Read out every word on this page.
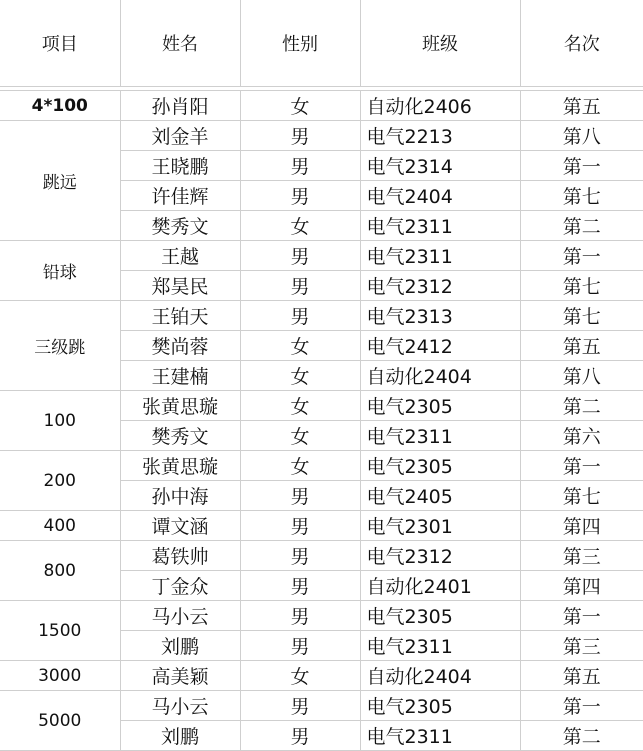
项目	姓名	性别	班级	名次

4*100	孙肖阳	女	自动化2406	第五
跳远	刘金羊	男	电气2213	第八
	王晓鹏	男	电气2314	第一
	许佳辉	男	电气2404	第七
	樊秀文	女	电气2311	第二
铅球	王越	男	电气2311	第一
	郑昊民	男	电气2312	第七
三级跳	王铂天	男	电气2313	第七
	樊尚蓉	女	电气2412	第五
	王建楠	女	自动化2404	第八
100	张黄思璇	女	电气2305	第二
	樊秀文	女	电气2311	第六
200	张黄思璇	女	电气2305	第一
	孙中海	男	电气2405	第七
400	谭文涵	男	电气2301	第四
800	葛铁帅	男	电气2312	第三
	丁金众	男	自动化2401	第四
1500	马小云	男	电气2305	第一
	刘鹏	男	电气2311	第三
3000	高美颖	女	自动化2404	第五
5000	马小云	男	电气2305	第一
	刘鹏	男	电气2311	第二
